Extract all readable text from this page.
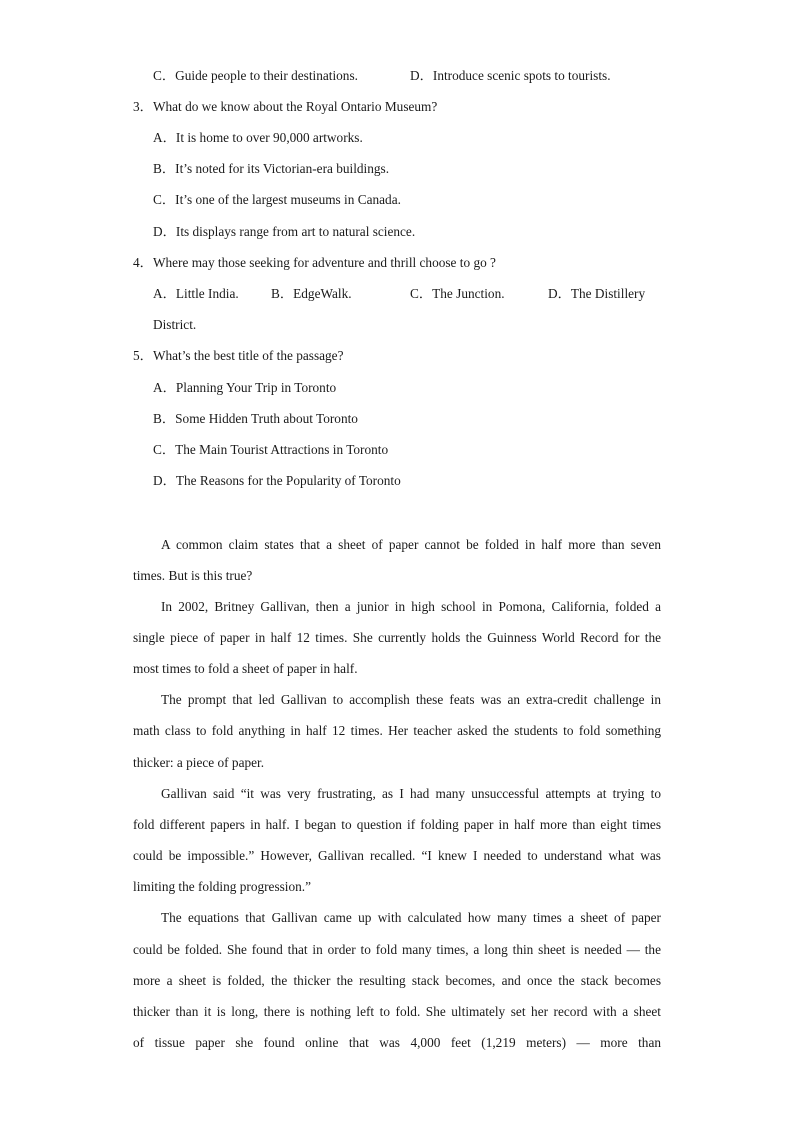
C．Guide people to their destinations.	D．Introduce scenic spots to tourists.
3．What do we know about the Royal Ontario Museum?
A．It is home to over 90,000 artworks.
B．It’s noted for its Victorian-era buildings.
C．It’s one of the largest museums in Canada.
D．Its displays range from art to natural science.
4．Where may those seeking for adventure and thrill choose to go ?
A．Little India. B．EdgeWalk.	C．The Junction.	D．The Distillery
District.
5．What’s the best title of the passage?
A．Planning Your Trip in Toronto
B．Some Hidden Truth about Toronto
C．The Main Tourist Attractions in Toronto
D．The Reasons for the Popularity of Toronto
A common claim states that a sheet of paper cannot be folded in half more than seven
times. But is this true?
In 2002, Britney Gallivan, then a junior in high school in Pomona, California, folded a
single piece of paper in half 12 times. She currently holds the Guinness World Record for the
most times to fold a sheet of paper in half.
The prompt that led Gallivan to accomplish these feats was an extra-credit challenge in
math class to fold anything in half 12 times. Her teacher asked the students to fold something
thicker: a piece of paper.
Gallivan said “it was very frustrating, as I had many unsuccessful attempts at trying to
fold different papers in half. I began to question if folding paper in half more than eight times
could be impossible.” However, Gallivan recalled. “I knew I needed to understand what was
limiting the folding progression.”
The equations that Gallivan came up with calculated how many times a sheet of paper
could be folded. She found that in order to fold many times, a long thin sheet is needed — the
more a sheet is folded, the thicker the resulting stack becomes, and once the stack becomes
thicker than it is long, there is nothing left to fold. She ultimately set her record with a sheet
of tissue paper she found online that was 4,000 feet (1,219 meters) — more than
